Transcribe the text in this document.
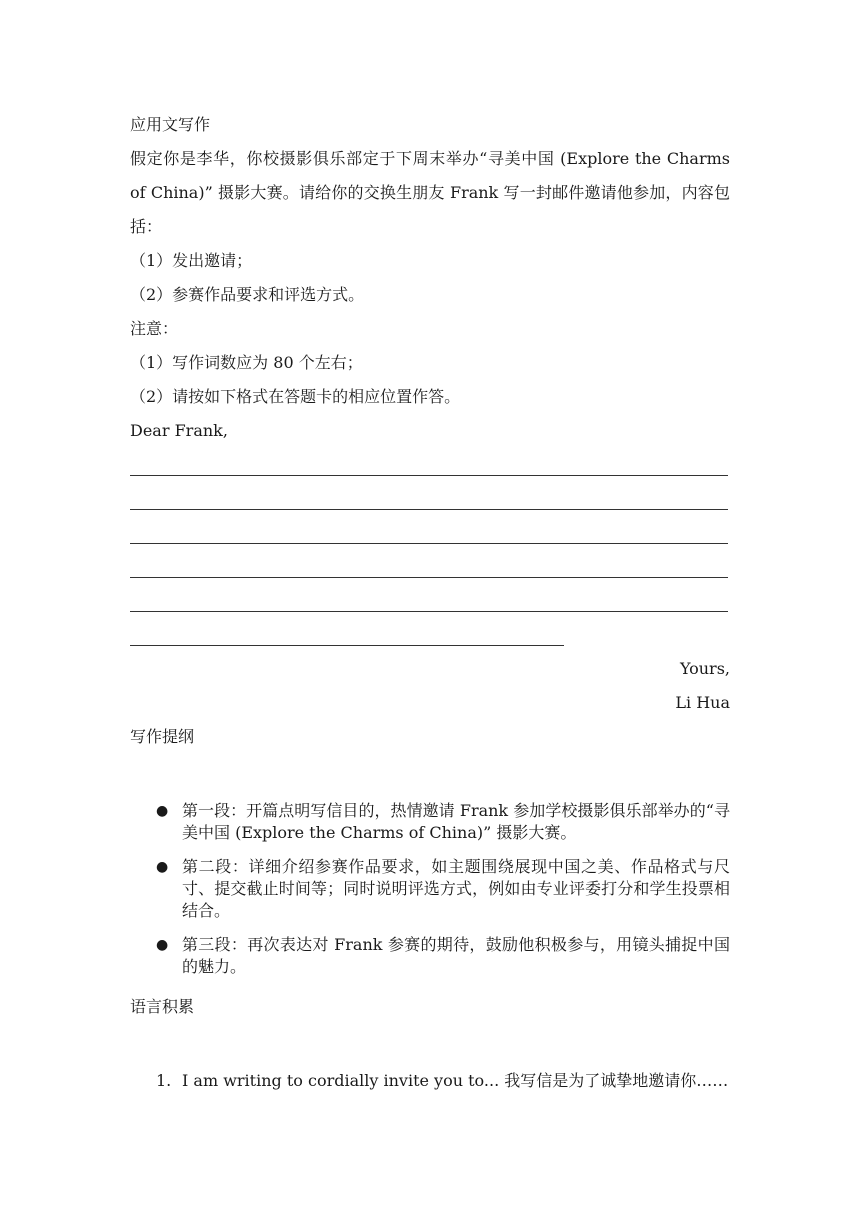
应用文写作

假定你是李华，你校摄影俱乐部定于下周末举办“寻美中国 (Explore the Charms of China)” 摄影大赛。请给你的交换生朋友 Frank 写一封邮件邀请他参加，内容包括：

（1）发出邀请；

（2）参赛作品要求和评选方式。

注意：

（1）写作词数应为 80 个左右；

（2）请按如下格式在答题卡的相应位置作答。

Dear Frank,

Yours,

Li Hua

写作提纲

● 第一段：开篇点明写信目的，热情邀请 Frank 参加学校摄影俱乐部举办的“寻美中国 (Explore the Charms of China)” 摄影大赛。
● 第二段：详细介绍参赛作品要求，如主题围绕展现中国之美、作品格式与尺寸、提交截止时间等；同时说明评选方式，例如由专业评委打分和学生投票相结合。
● 第三段：再次表达对 Frank 参赛的期待，鼓励他积极参与，用镜头捕捉中国的魅力。

语言积累

1. I am writing to cordially invite you to... 我写信是为了诚挚地邀请你……
